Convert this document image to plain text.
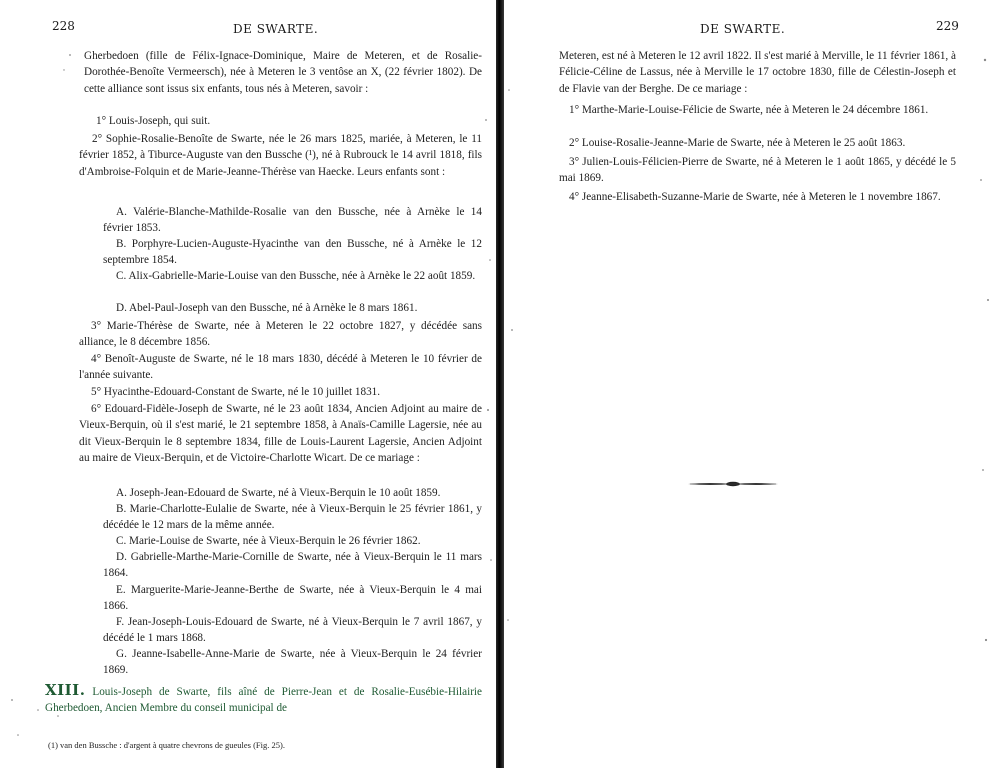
228	DE SWARTE.

Gherbedoen (fille de Félix-Ignace-Dominique, Maire de Meteren, et de Rosalie-Dorothée-Benoîte Vermeersch), née à Meteren le 3 ventôse an X, (22 février 1802). De cette alliance sont issus six enfants, tous nés à Meteren, savoir :

1° Louis-Joseph, qui suit.

2° Sophie-Rosalie-Benoîte de Swarte, née le 26 mars 1825, mariée, à Meteren, le 11 février 1852, à Tiburce-Auguste van den Bussche (¹), né à Rubrouck le 14 avril 1818, fils d'Ambroise-Folquin et de Marie-Jeanne-Thérèse van Haecke. Leurs enfants sont :

A. Valérie-Blanche-Mathilde-Rosalie van den Bussche, née à Arnèke le 14 février 1853.

B. Porphyre-Lucien-Auguste-Hyacinthe van den Bussche, né à Arnèke le 12 septembre 1854.

C. Alix-Gabrielle-Marie-Louise van den Bussche, née à Arnèke le 22 août 1859.

D. Abel-Paul-Joseph van den Bussche, né à Arnèke le 8 mars 1861.

3° Marie-Thérèse de Swarte, née à Meteren le 22 octobre 1827, y décédée sans alliance, le 8 décembre 1856.

4° Benoît-Auguste de Swarte, né le 18 mars 1830, décédé à Meteren le 10 février de l'année suivante.

5° Hyacinthe-Edouard-Constant de Swarte, né le 10 juillet 1831.

6° Edouard-Fidèle-Joseph de Swarte, né le 23 août 1834, Ancien Adjoint au maire de Vieux-Berquin, où il s'est marié, le 21 septembre 1858, à Anaïs-Camille Lagersie, née au dit Vieux-Berquin le 8 septembre 1834, fille de Louis-Laurent Lagersie, Ancien Adjoint au maire de Vieux-Berquin, et de Victoire-Charlotte Wicart. De ce mariage :

A. Joseph-Jean-Edouard de Swarte, né à Vieux-Berquin le 10 août 1859.

B. Marie-Charlotte-Eulalie de Swarte, née à Vieux-Berquin le 25 février 1861, y décédée le 12 mars de la même année.

C. Marie-Louise de Swarte, née à Vieux-Berquin le 26 février 1862.

D. Gabrielle-Marthe-Marie-Cornille de Swarte, née à Vieux-Berquin le 11 mars 1864.

E. Marguerite-Marie-Jeanne-Berthe de Swarte, née à Vieux-Berquin le 4 mai 1866.

F. Jean-Joseph-Louis-Edouard de Swarte, né à Vieux-Berquin le 7 avril 1867, y décédé le 1 mars 1868.

G. Jeanne-Isabelle-Anne-Marie de Swarte, née à Vieux-Berquin le 24 février 1869.

XIII. Louis-Joseph de Swarte, fils aîné de Pierre-Jean et de Rosalie-Eusébie-Hilairie Gherbedoen, Ancien Membre du conseil municipal de

(1) van den Bussche : d'argent à quatre chevrons de gueules (Fig. 25).

DE SWARTE.	229

Meteren, est né à Meteren le 12 avril 1822. Il s'est marié à Merville, le 11 février 1861, à Félicie-Céline de Lassus, née à Merville le 17 octobre 1830, fille de Célestin-Joseph et de Flavie van der Berghe. De ce mariage :

1° Marthe-Marie-Louise-Félicie de Swarte, née à Meteren le 24 décembre 1861.

2° Louise-Rosalie-Jeanne-Marie de Swarte, née à Meteren le 25 août 1863.

3° Julien-Louis-Félicien-Pierre de Swarte, né à Meteren le 1 août 1865, y décédé le 5 mai 1869.

4° Jeanne-Elisabeth-Suzanne-Marie de Swarte, née à Meteren le 1 novembre 1867.
